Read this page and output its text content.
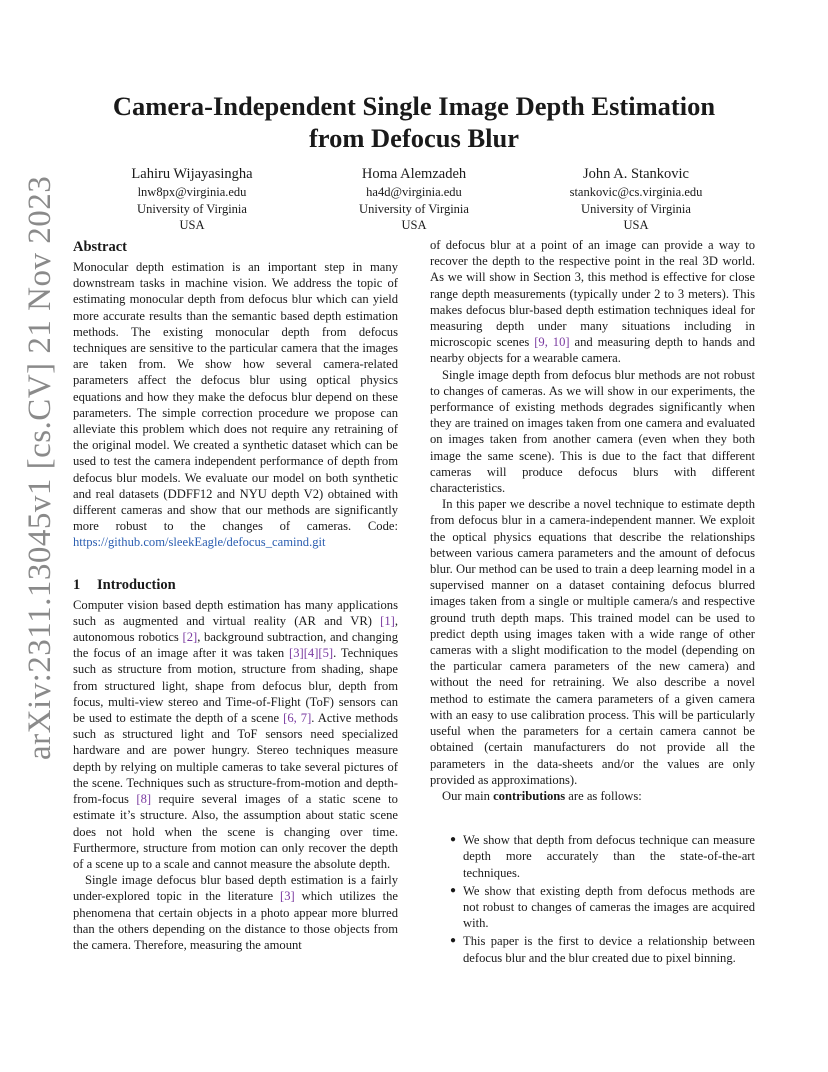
arXiv:2311.13045v1 [cs.CV] 21 Nov 2023
Camera-Independent Single Image Depth Estimation
from Defocus Blur
Lahiru Wijayasingha
lnw8px@virginia.edu
University of Virginia
USA
Homa Alemzadeh
ha4d@virginia.edu
University of Virginia
USA
John A. Stankovic
stankovic@cs.virginia.edu
University of Virginia
USA
Abstract

Monocular depth estimation is an important step in many downstream tasks in machine vision. We address the topic of estimating monocular depth from defocus blur which can yield more accurate results than the semantic based depth estimation methods. The existing monocular depth from defocus techniques are sensitive to the particular camera that the images are taken from. We show how several camera-related parameters affect the defocus blur using optical physics equations and how they make the defocus blur depend on these parameters. The simple correction procedure we propose can alleviate this problem which does not require any retraining of the original model. We created a synthetic dataset which can be used to test the camera independent performance of depth from defocus blur models. We evaluate our model on both synthetic and real datasets (DDFF12 and NYU depth V2) obtained with different cameras and show that our methods are significantly more robust to the changes of cameras. Code: https://github.com/sleekEagle/defocus_camind.git

1 Introduction

Computer vision based depth estimation has many applications such as augmented and virtual reality (AR and VR) [1], autonomous robotics [2], background subtraction, and changing the focus of an image after it was taken [3][4][5]. Techniques such as structure from motion, structure from shading, shape from structured light, shape from defocus blur, depth from focus, multi-view stereo and Time-of-Flight (ToF) sensors can be used to estimate the depth of a scene [6, 7]. Active methods such as structured light and ToF sensors need specialized hardware and are power hungry. Stereo techniques measure depth by relying on multiple cameras to take several pictures of the scene. Techniques such as structure-from-motion and depth-from-focus [8] require several images of a static scene to estimate it’s structure. Also, the assumption about static scene does not hold when the scene is changing over time. Furthermore, structure from motion can only recover the depth of a scene up to a scale and cannot measure the absolute depth.

Single image defocus blur based depth estimation is a fairly under-explored topic in the literature [3] which utilizes the phenomena that certain objects in a photo appear more blurred than the others depending on the distance to those objects from the camera. Therefore, measuring the amount

of defocus blur at a point of an image can provide a way to recover the depth to the respective point in the real 3D world. As we will show in Section 3, this method is effective for close range depth measurements (typically under 2 to 3 meters). This makes defocus blur-based depth estimation techniques ideal for measuring depth under many situations including in microscopic scenes [9, 10] and measuring depth to hands and nearby objects for a wearable camera.

Single image depth from defocus blur methods are not robust to changes of cameras. As we will show in our experiments, the performance of existing methods degrades significantly when they are trained on images taken from one camera and evaluated on images taken from another camera (even when they both image the same scene). This is due to the fact that different cameras will produce defocus blurs with different characteristics.

In this paper we describe a novel technique to estimate depth from defocus blur in a camera-independent manner. We exploit the optical physics equations that describe the relationships between various camera parameters and the amount of defocus blur. Our method can be used to train a deep learning model in a supervised manner on a dataset containing defocus blurred images taken from a single or multiple camera/s and respective ground truth depth maps. This trained model can be used to predict depth using images taken with a wide range of other cameras with a slight modification to the model (depending on the particular camera parameters of the new camera) and without the need for retraining. We also describe a novel method to estimate the camera parameters of a given camera with an easy to use calibration process. This will be particularly useful when the parameters for a certain camera cannot be obtained (certain manufacturers do not provide all the parameters in the data-sheets and/or the values are only provided as approximations).

Our main contributions are as follows:

● We show that depth from defocus technique can measure depth more accurately than the state-of-the-art techniques.
● We show that existing depth from defocus methods are not robust to changes of cameras the images are acquired with.
● This paper is the first to device a relationship between defocus blur and the blur created due to pixel binning.
